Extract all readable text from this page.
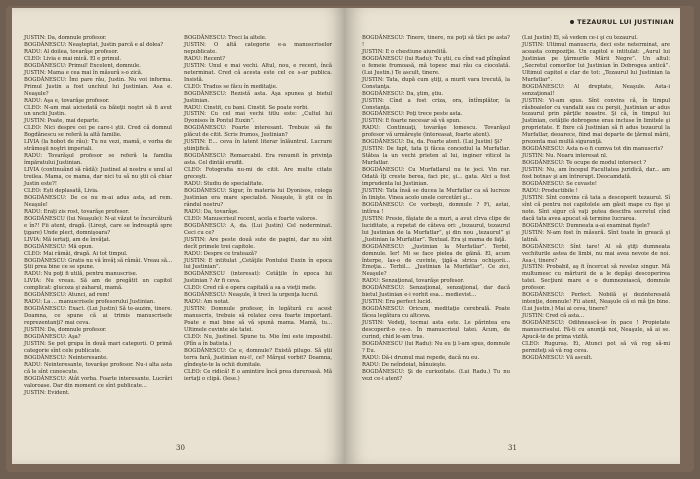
JUSTIN: Da, domnule profesor.

BOGDĂNESCU: Neaşteptat, Justin parcă e al dolea?

RADU: Al doilea, tovarăşe profesor.

CLEO: Livia e mai mică. El e primul.

BOGDĂNESCU: Primul! Excelent, domnule.

JUSTIN: Mama e cea mai în măsură s-o zică.

BOGDĂNESCU: Îmi pare rău, Justin. Nu voi informa. Primul Justin a fost unchiul lui Justinian. Asa e. Neaşule?

RADU: Aşa e, tovarăşe profesor.

CLEO: N-am mai aiciedată ca băieţii noştri să fi avut un unchi Justin.

JUSTIN: Poate, mai departe.

CLEO: Nici despre cei pe care-i ştii. Cred că domnul Bogdănescu se referă la altă familie.

LIVIA (la hobot de rău): Tu nu vezi, mamă, e vorba de strămoşii noştri imperiali.

RADU: Tovarăşul profesor se referă la familia împăratului Justinian.

LIVIA (continuând să râdă): Justinel al nostru e unul al treilea. Mama, ce mama, dar nici tu să nu ştii că chiar Justin este?!

CLEO: Ești deplasată, Livia.

BOGDĂNESCU: De ce nu m-ai adus asta, ad rem. Neaşule!

RADU: Erați zis rost, tovarăşe profesor.

BOGDĂNESCU (lui Neaşule): N-ai văzut te încurcătură e în?! Fii atent, dragă. (Lireşt, care se îndreaptă spre ţigare) Unde plect, domnişoara?

LIVIA: Mă iertaţi, am de învăţat.

BOGDĂNESCU: Mă opun.

CLEO: Mai rămâi, dragă. Ai tot timpul.

BOGDĂNESCU: Gratis nu vă învăţ să rămâi. Vreau să... Ştii prea bine ce se spune.

RADU: Nu poţi fi utilă, pentru manuscrise.

LIVIA: Nu vreau. Să am de pregătit un capitol complicat: glucoza şi zaharul, mamă.

BOGDĂNESCU: Atunci, ad rem!

RADU: La ... manuscrisele profesorului Justinian.

BOGDĂNESCU: Exact. (Lui Justin) Să te-auzim, tinere. Doamna, ce spune că ai trimis manuscrisele reprezentanţi? mai ceva.

JUSTIN: Da, domnule profesor.

BOGDĂNESCU: Aşa?

JUSTIN: Se pot grupa în două mari categorii. O primă categorie sînt cele publicate.

BOGDĂNESCU: Neinteresante.

RADU: Neinteresante, tovarăşe profesor. Nu-i alta asta că le sînt cunoscute.

BOGDĂNESCU: Atât vorba. Foarte interesante. Lucrări valoroase. Dar din moment ce sînt publicate...

JUSTIN: Evident.

BOGDĂNESCU: Treci la altele.

JUSTIN: O altă categorie e-a manuscriselor nepublicate.

RADU: Recent?

JUSTIN: Unul e mai vechi. Altul, nou, e recent, încă neterminat. Cred că acesta este cel ce s-ar publica. Insistă.

CLEO: Tradus se făcu în meditaţie.

BOGDĂNESCU: Rezistă asta. Aşa spunea şi bietul Justinian.

RADU: Cinstit, cu bani. Cinstit. Se poate vorbi.

JUSTIN: Cu cel mai vechi titlu este: „Cultul lui Dyonisos în Pontul Euxin”.

BOGDĂNESCU: Foarte interesant. Trebuie să fie plăcut de citit. Scris frumos, Justinian?

JUSTIN: E... ceva în latent literar înlăuntrul. Lucrare ştiinţifică.

BOGDĂNESCU: Remarcabil. Era renumit în privinţa asta. Cel dintâi erudit.

CLEO: Fotografia nu-mi de citit. Are multe citate greceşti.

RADU: Studiu de specialitate.

BOGDĂNESCU: Sigur, în materia lui Dyonisos, colega Justinian era mare specialist. Neaşule, îi ştii ce în rândul nostru?

RADU: Da, tovarăşe.

CLEO: Manuscrisul recent, acela e foarte valoros.

BOGDĂNESCU: A, da. (Lui Justin) Cel nederminat. Ceci cu ce?

JUSTIN: Are peste două sute de pagini, dar nu sînt decît primele trei capitole.

RADU: Despre ce tratează?

JUSTIN: E intitulat „Cetăţile Pontului Euxin în epoca lui Justinian”.

BOGDĂNESCU (interesat): Cetăţile în epoca lui Justinian ? Ar fi ceva.

CLEO: Cred că e opera capitală a sa a vieţii mele.

BOGDĂNESCU: Neaşule, îi treci la urgenţa lucrul.

RADU: Am notat.

JUSTIN: Domnule profesor, în legătură cu acest manuscris, trebuie să relatez ceva foarte important. Poate e mai bine să vă spună mama. Mamă, tu... Ultimele cuvinte ale tatei.

CLEO: Nu, Justinel. Spune tu. Mie îmi este imposibil. (Plîn a în batista.)

BOGDĂNESCU: Ce e, domnule? Există pilugo. Să ştii terra fară, Justinian nu-i!, ce? Mărşul vorbit? Doamna, gîndeşte-te la ochii dumitale.

CLEO: Ce ridică! E o amintire încă prea dureroasă. Mă iertaţi o clipă. (Iese.)

30
TEZAURUL LUI JUSTINIAN

BOGDĂNESCU: Tinere, tinere, nu poţi să tăci pe asta? !

JUSTIN: E o chestiune aiurelită.

BOGDĂNESCU (lui Radu): Tu ştii, cu cînd vad plîngând o femeie frumoasă, mă topesc mai rău ca ciocolată. (Lui Justin.) Te ascult, tinere.

JUSTIN: Tata, după cum ştiţi, a murit vara trecută, la Constanţa.

BOGDĂNESCU: Da, ştim, ştiu.

JUSTIN: Cînd a fost criza, ora, întîmplător, la Constanţa.

BOGDĂNESCU: Poţi trece peste asta.

JUSTIN: E foarte necesar să vă spun.

RADU: Continuaţi, tovarăşe lomescu. Tovarăşul profesor vă urmăreşte (intereasat, foarte atent).

BOGDĂNESCU: Da, da. Foarte atent. (Lui Justin) Şi?

JUSTIN: De fapt, tata ţi făcea concediul la Murfatlar. Stătea la un vechi prieten al lui, inginer viticol la Murfatlar.

BOGDĂNESCU: Cu Murfatlarul nu te joci. Vin rar. Odată îţi creste berea, faci pic, şi... gata. Alci a fost imprudenta lui Justinian.

JUSTIN: Tata însă se ducea la Murfatlar ca să lucreze în linişte. Vinea acolo unele cercetări şi...

BOGDĂNESCU: Ce vorbeşti, domnule ? Fi, astai, intîrea !

JUSTIN: Presie, făşiate de a muri, a avut clrva clipe de luciditate, a repetat de câteva ori: „tezaurul, tezaurul lui Justinian de la Murfatlar”, şi din nou „tezaurul” şi „Justinian la Murfatlar”. Textual. Era şi mama de faţă.

BOGDĂNESCU: „Justinian la Murfatlar”. Terbil, domnule. Ier! Mi se face pielea de găină. El, acum înterpe, las-o de cuvinte, ţigă-a strica ochişorii... Emoţia... Terbil... „Justinian la Murfatlar”. Ce zici, Neaşule?

RADU: Senzaţional, tovarăşe profesor.

BOGDĂNESCU: Senzaţional, senzaţional, dar dacă bietul Justinian e-i vorbit esa... medievist...

JUSTIN: Era perfect lucid.

BOGDĂNESCU: Oricum, meditaţie cerebrală. Poate făcea legătura cu altceva.

JUSTIN: Vedeţi, tocmai asta este. Le părintea era descoperit-o ce-o. În manuscrisul tatei. Acum, de curind, chid le-am tras.

BOGDĂNESCU (lui Radu): Nu eu ţi l-am spus, domnule ? Eu.

RADU: Dă-i drumul mai repede, dacă nu eu.

RADU: De neîndoiat, bănuieşte.

BOGDĂNESCU: Şi de curiozitate. (Lui Radu.) Tu nu vezi ce-i atent?

(Lui Justin) El, să vedem ce-i şi cu tezaurul.

JUSTIN: Ultimul manuscris, deci este neterminat, are aceasta compoziţie. Un capitol e intitulat: „Aurul lui Justinian pe ţărmurile Mării Negre”. Un altul: „Secretul comorilor lui Justinian în Dobrogea antică”. Ultimul capitol e clar de tot: „Tezaurul lui Justinian la Murfatlar”.

BOGDĂNESCU: Al dreptate, Neaşule. Asta-i senzaţional!

JUSTIN: Vi-am spus. Sînt convins că, în timpul răsboaielor cu vandalii sau cu perşii, Justinian ar adus tezaurul prin părţile noastre. Şi că, în timpul lui Justinian, cetăţile dobrogene erau incluse în limitele şi proprietate. E fixre că Justinian să fi adus tezaurul la Murfatlar, deoarece, fiind mai departe de ţărmul mării, prezenta mai multă siguranţă.

BOGDĂNESCU: Asta n-o fi cumva tot din manuscris?

JUSTIN: Nu. Noaru interesat nl.

BOGDĂNESCU: Te ocupe de modul intersect ?

JUSTIN: Nu, am începul Facultatea juridică, dar... am fost botnav şi am întrerupt. Deocamdată.

BOGDĂNESCU: Se cuvaste!

RADU: Productibile !

JUSTIN: Sînt convins că tata a descoperit tezaurul. Sî sînt că pentru noi capitolele am găsit mape cu fişe şi note. Sînt sigur că vaţi putea descifra secretul cînd dacă tata avea apucat să termine lucrarea.

BOGDĂNESCU: Dumneata a-ai examinat fişele?

JUSTIN: N-am fost în măsură. Sînt toate în greacă şi latină.

BOGDĂNESCU: Sînt tare! Al să ştiţi dumneata vechiturile astea de limbi, nu mai avea nevoie de noi. Asa-i, tinere?

JUSTIN: Probabil, aş fi încercat să revelez singur. Mă multumesc cu mărturii de a le depăşi descoperirea tatei. Secţiuni mare e o dumnezeiască, domnule profesor.

BOGDĂNESCU: Perfect. Nobilă şi dezinteresată intenţie, domnule! Fii atent, Neaşule că ei mă ţin bine. (Lui Justin.) Mai ai ceva, tinere?

JUSTIN: Cred că asta...

BOGDĂNESCU: Odihnească-se în pace ! Propietate manuscrisului. Fă-ti cu anunţă noi, Neaşule, să ai se. Apucă-te de prima vizită.

CLEO: Ruguraș. Ei, Atunci pot să vă rog să-mi permiteţi să vă rog ceva.

BOGDĂNESCU: Vă ascult.

31
